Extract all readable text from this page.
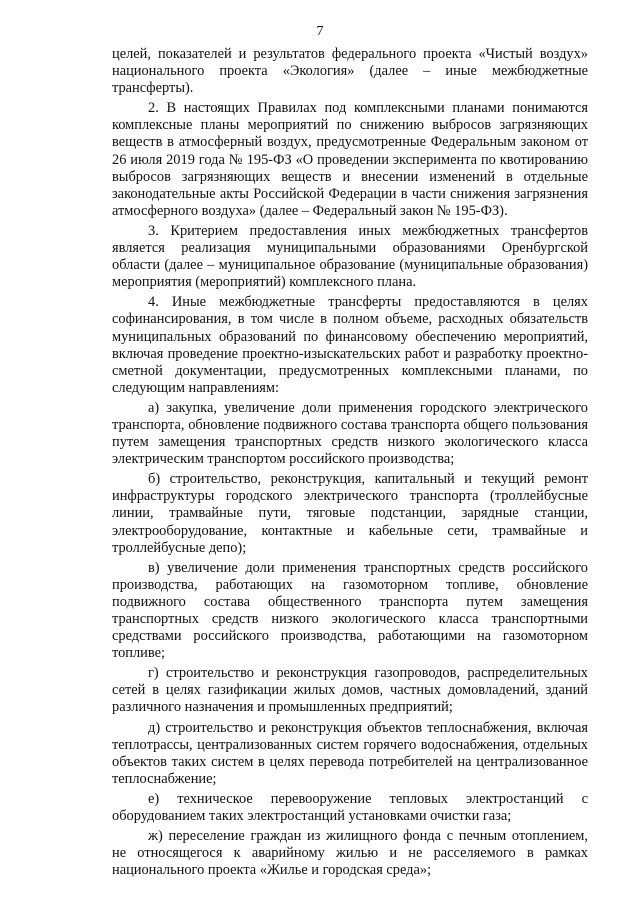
7

целей, показателей и результатов федерального проекта «Чистый воздух» национального проекта «Экология» (далее – иные межбюджетные трансферты).

2. В настоящих Правилах под комплексными планами понимаются комплексные планы мероприятий по снижению выбросов загрязняющих веществ в атмосферный воздух, предусмотренные Федеральным законом от 26 июля 2019 года № 195-ФЗ «О проведении эксперимента по квотированию выбросов загрязняющих веществ и внесении изменений в отдельные законодательные акты Российской Федерации в части снижения загрязнения атмосферного воздуха» (далее – Федеральный закон № 195-ФЗ).

3. Критерием предоставления иных межбюджетных трансфертов является реализация муниципальными образованиями Оренбургской области (далее – муниципальное образование (муниципальные образования) мероприятия (мероприятий) комплексного плана.

4. Иные межбюджетные трансферты предоставляются в целях софинансирования, в том числе в полном объеме, расходных обязательств муниципальных образований по финансовому обеспечению мероприятий, включая проведение проектно-изыскательских работ и разработку проектно-сметной документации, предусмотренных комплексными планами, по следующим направлениям:

а) закупка, увеличение доли применения городского электрического транспорта, обновление подвижного состава транспорта общего пользования путем замещения транспортных средств низкого экологического класса электрическим транспортом российского производства;

б) строительство, реконструкция, капитальный и текущий ремонт инфраструктуры городского электрического транспорта (троллейбусные линии, трамвайные пути, тяговые подстанции, зарядные станции, электрооборудование, контактные и кабельные сети, трамвайные и троллейбусные депо);

в) увеличение доли применения транспортных средств российского производства, работающих на газомоторном топливе, обновление подвижного состава общественного транспорта путем замещения транспортных средств низкого экологического класса транспортными средствами российского производства, работающими на газомоторном топливе;

г) строительство и реконструкция газопроводов, распределительных сетей в целях газификации жилых домов, частных домовладений, зданий различного назначения и промышленных предприятий;

д) строительство и реконструкция объектов теплоснабжения, включая теплотрассы, централизованных систем горячего водоснабжения, отдельных объектов таких систем в целях перевода потребителей на централизованное теплоснабжение;

е) техническое перевооружение тепловых электростанций с оборудованием таких электростанций установками очистки газа;

ж) переселение граждан из жилищного фонда с печным отоплением, не относящегося к аварийному жилью и не расселяемого в рамках национального проекта «Жилье и городская среда»;
